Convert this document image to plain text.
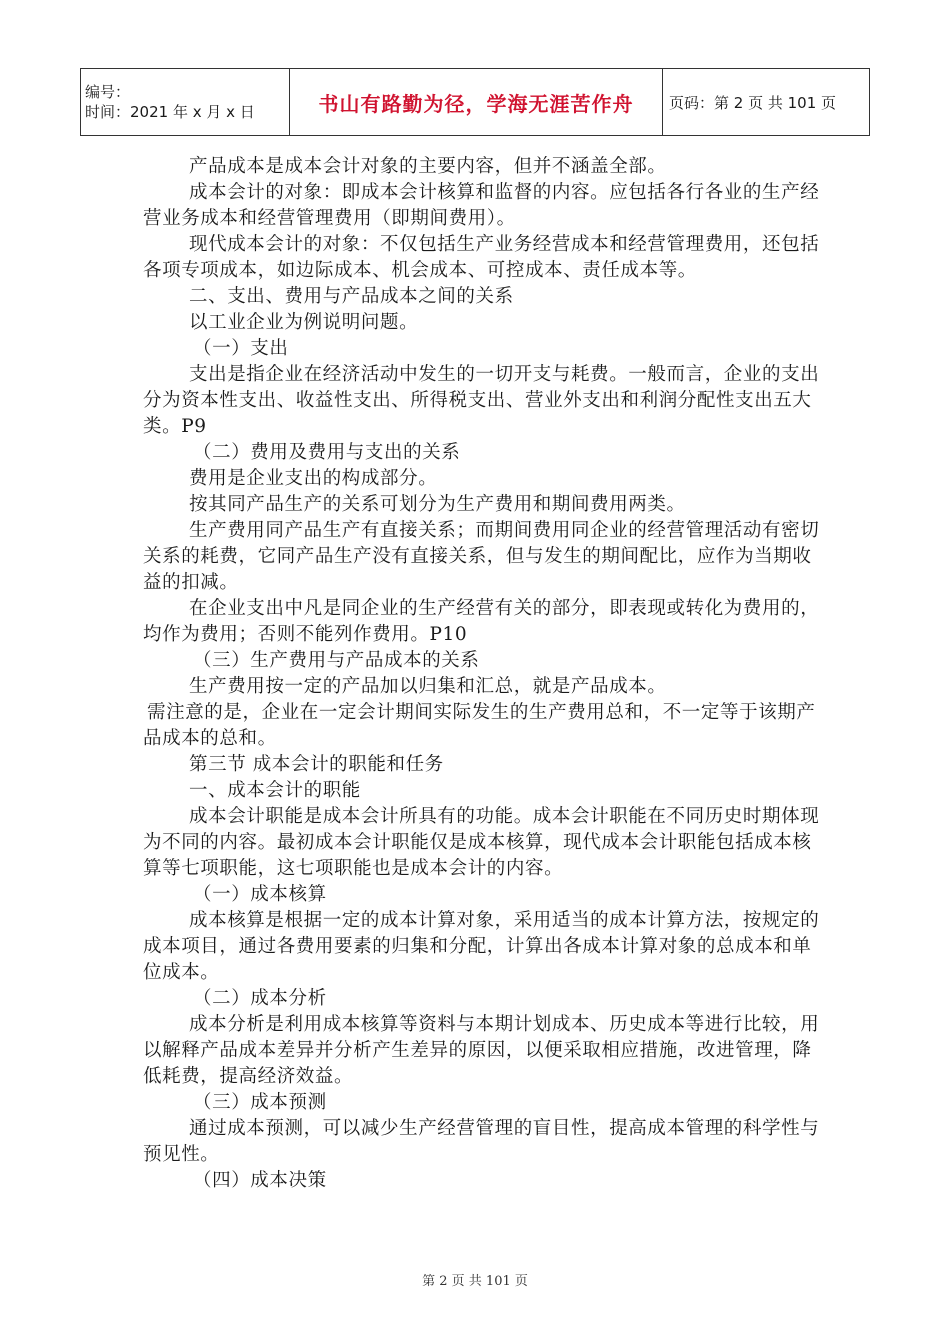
编号：
时间：2021 年 x 月 x 日	书山有路勤为径，学海无涯苦作舟	页码：第 2 页 共 101 页

产品成本是成本会计对象的主要内容，但并不涵盖全部。

成本会计的对象：即成本会计核算和监督的内容。应包括各行各业的生产经营业务成本和经营管理费用（即期间费用）。

现代成本会计的对象：不仅包括生产业务经营成本和经营管理费用，还包括各项专项成本，如边际成本、机会成本、可控成本、责任成本等。

二、支出、费用与产品成本之间的关系

以工业企业为例说明问题。

（一）支出

支出是指企业在经济活动中发生的一切开支与耗费。一般而言，企业的支出分为资本性支出、收益性支出、所得税支出、营业外支出和利润分配性支出五大类。P9

（二）费用及费用与支出的关系

费用是企业支出的构成部分。

按其同产品生产的关系可划分为生产费用和期间费用两类。

生产费用同产品生产有直接关系；而期间费用同企业的经营管理活动有密切关系的耗费，它同产品生产没有直接关系，但与发生的期间配比，应作为当期收益的扣减。

在企业支出中凡是同企业的生产经营有关的部分，即表现或转化为费用的，均作为费用；否则不能列作费用。P10

（三）生产费用与产品成本的关系

生产费用按一定的产品加以归集和汇总，就是产品成本。

需注意的是，企业在一定会计期间实际发生的生产费用总和，不一定等于该期产品成本的总和。

第三节 成本会计的职能和任务

一、成本会计的职能

成本会计职能是成本会计所具有的功能。成本会计职能在不同历史时期体现为不同的内容。最初成本会计职能仅是成本核算，现代成本会计职能包括成本核算等七项职能，这七项职能也是成本会计的内容。

（一）成本核算

成本核算是根据一定的成本计算对象，采用适当的成本计算方法，按规定的成本项目，通过各费用要素的归集和分配，计算出各成本计算对象的总成本和单位成本。

（二）成本分析

成本分析是利用成本核算等资料与本期计划成本、历史成本等进行比较，用以解释产品成本差异并分析产生差异的原因，以便采取相应措施，改进管理，降低耗费，提高经济效益。

（三）成本预测

通过成本预测，可以减少生产经营管理的盲目性，提高成本管理的科学性与预见性。

（四）成本决策

第 2 页 共 101 页
